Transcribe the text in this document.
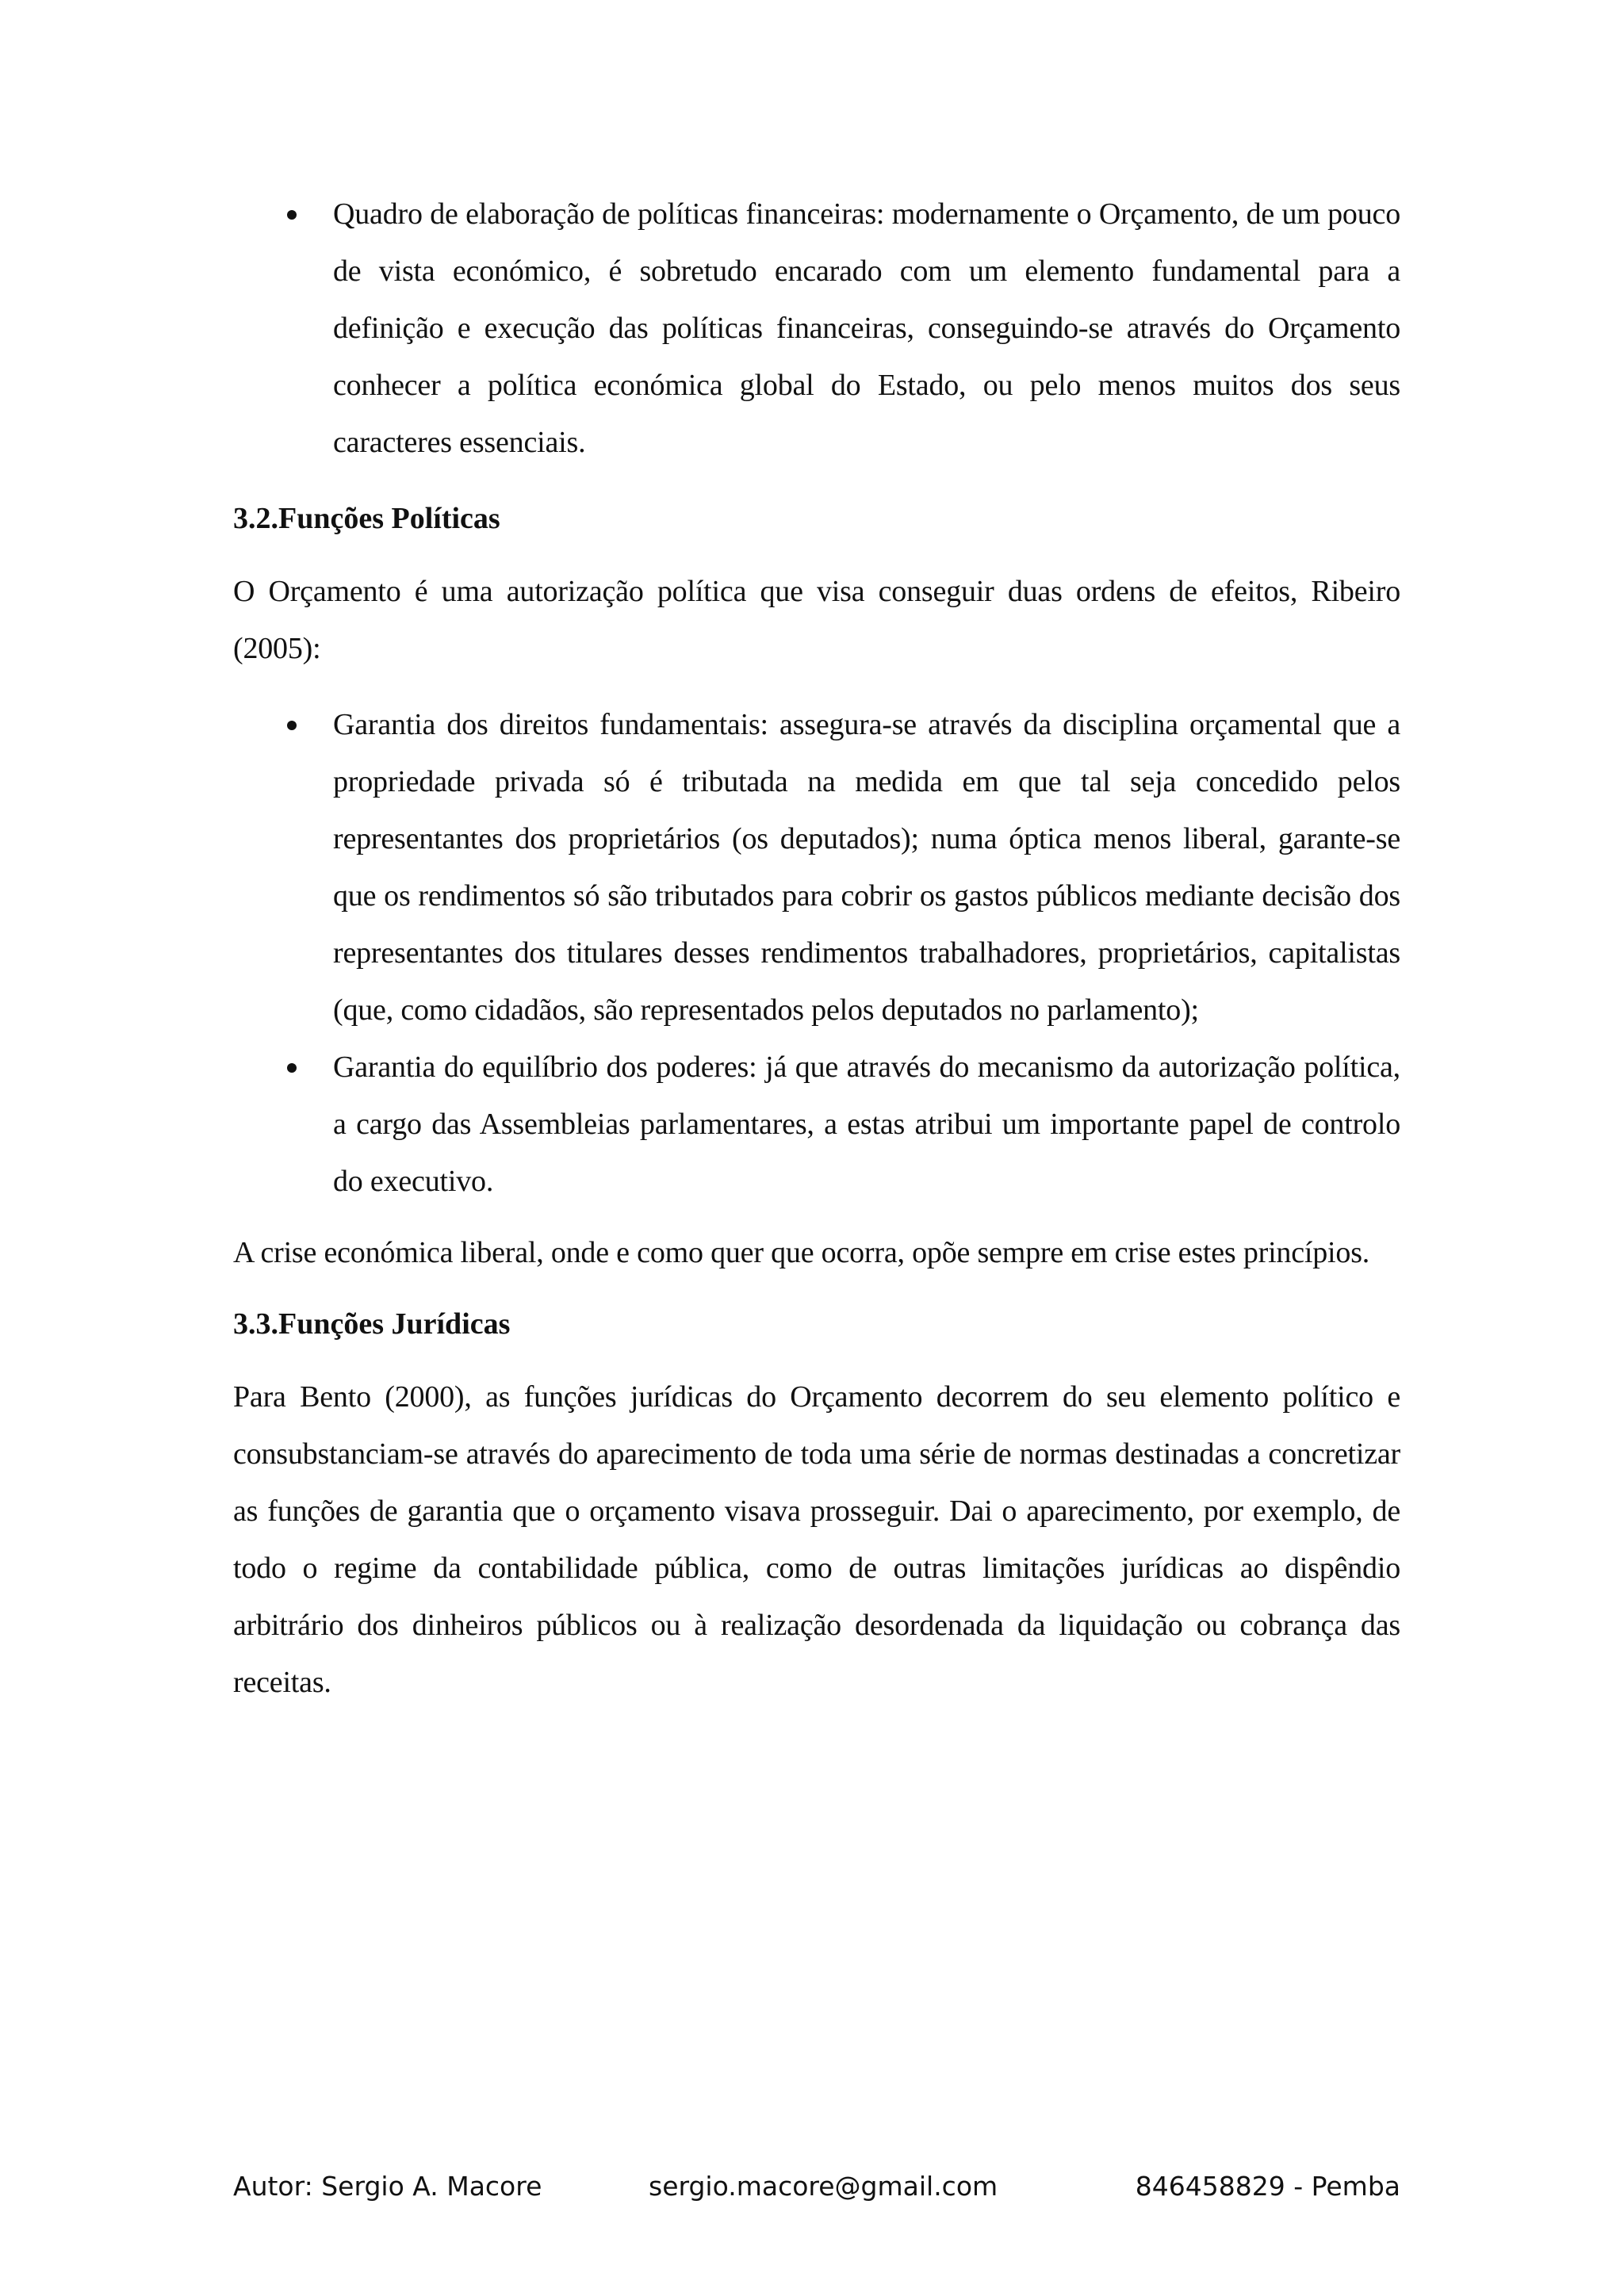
Quadro de elaboração de políticas financeiras: modernamente o Orçamento, de um pouco de vista económico, é sobretudo encarado com um elemento fundamental para a definição e execução das políticas financeiras, conseguindo-se através do Orçamento conhecer a política económica global do Estado, ou pelo menos muitos dos seus caracteres essenciais.

3.2.Funções Políticas

O Orçamento é uma autorização política que visa conseguir duas ordens de efeitos, Ribeiro (2005):

Garantia dos direitos fundamentais: assegura-se através da disciplina orçamental que a propriedade privada só é tributada na medida em que tal seja concedido pelos representantes dos proprietários (os deputados); numa óptica menos liberal, garante-se que os rendimentos só são tributados para cobrir os gastos públicos mediante decisão dos representantes dos titulares desses rendimentos trabalhadores, proprietários, capitalistas (que, como cidadãos, são representados pelos deputados no parlamento);

Garantia do equilíbrio dos poderes: já que através do mecanismo da autorização política, a cargo das Assembleias parlamentares, a estas atribui um importante papel de controlo do executivo.

A crise económica liberal, onde e como quer que ocorra, opõe sempre em crise estes princípios.

3.3.Funções Jurídicas

Para Bento (2000), as funções jurídicas do Orçamento decorrem do seu elemento político e consubstanciam-se através do aparecimento de toda uma série de normas destinadas a concretizar as funções de garantia que o orçamento visava prosseguir. Dai o aparecimento, por exemplo, de todo o regime da contabilidade pública, como de outras limitações jurídicas ao dispêndio arbitrário dos dinheiros públicos ou à realização desordenada da liquidação ou cobrança das receitas.

Autor: Sergio A. Macore	sergio.macore@gmail.com	846458829 - Pemba
